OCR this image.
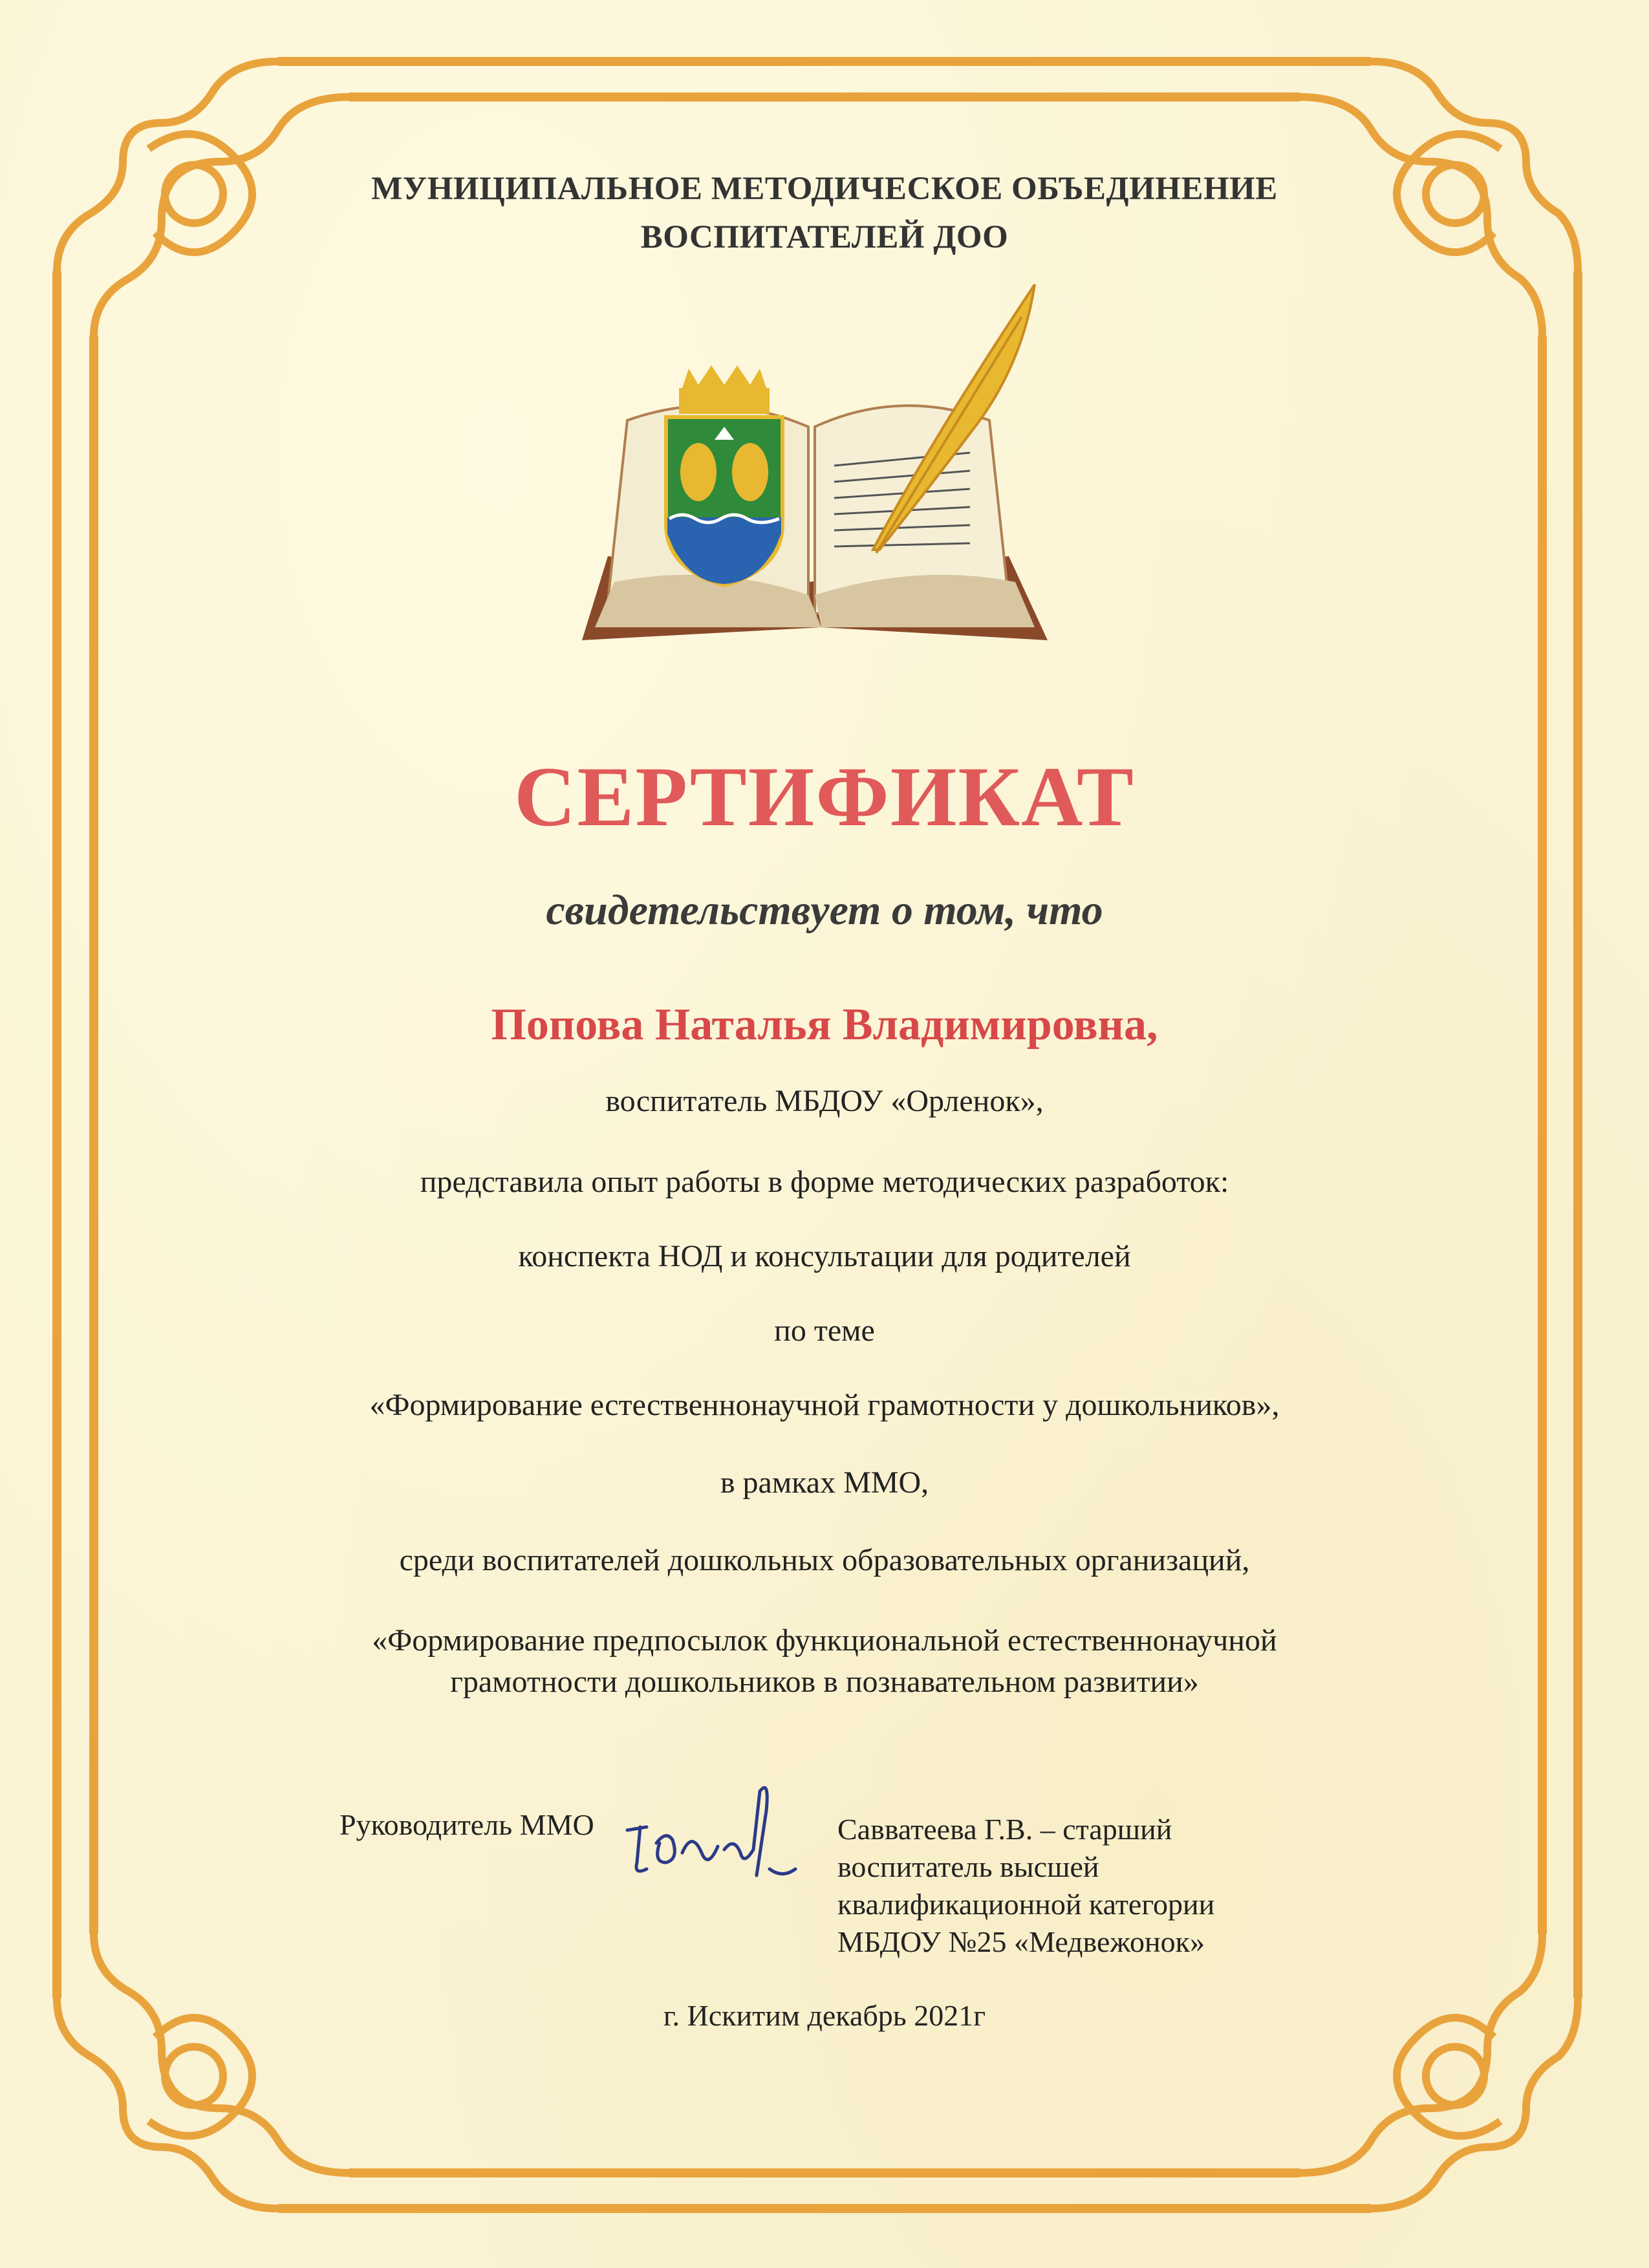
МУНИЦИПАЛЬНОЕ МЕТОДИЧЕСКОЕ ОБЪЕДИНЕНИЕ
ВОСПИТАТЕЛЕЙ ДОО
СЕРТИФИКАТ
свидетельствует о том, что
Попова Наталья Владимировна,
воспитатель МБДОУ «Орленок»,
представила опыт работы в форме методических разработок:
конспекта НОД и консультации для родителей
по теме
«Формирование естественнонаучной грамотности у дошкольников»,
в рамках ММО,
среди воспитателей дошкольных образовательных организаций,
«Формирование предпосылок функциональной естественнонаучной
грамотности дошкольников в познавательном развитии»
Руководитель ММО	Савватеева Г.В. – старший
воспитатель высшей
квалификационной категории
МБДОУ №25 «Медвежонок»
г. Искитим декабрь 2021г
